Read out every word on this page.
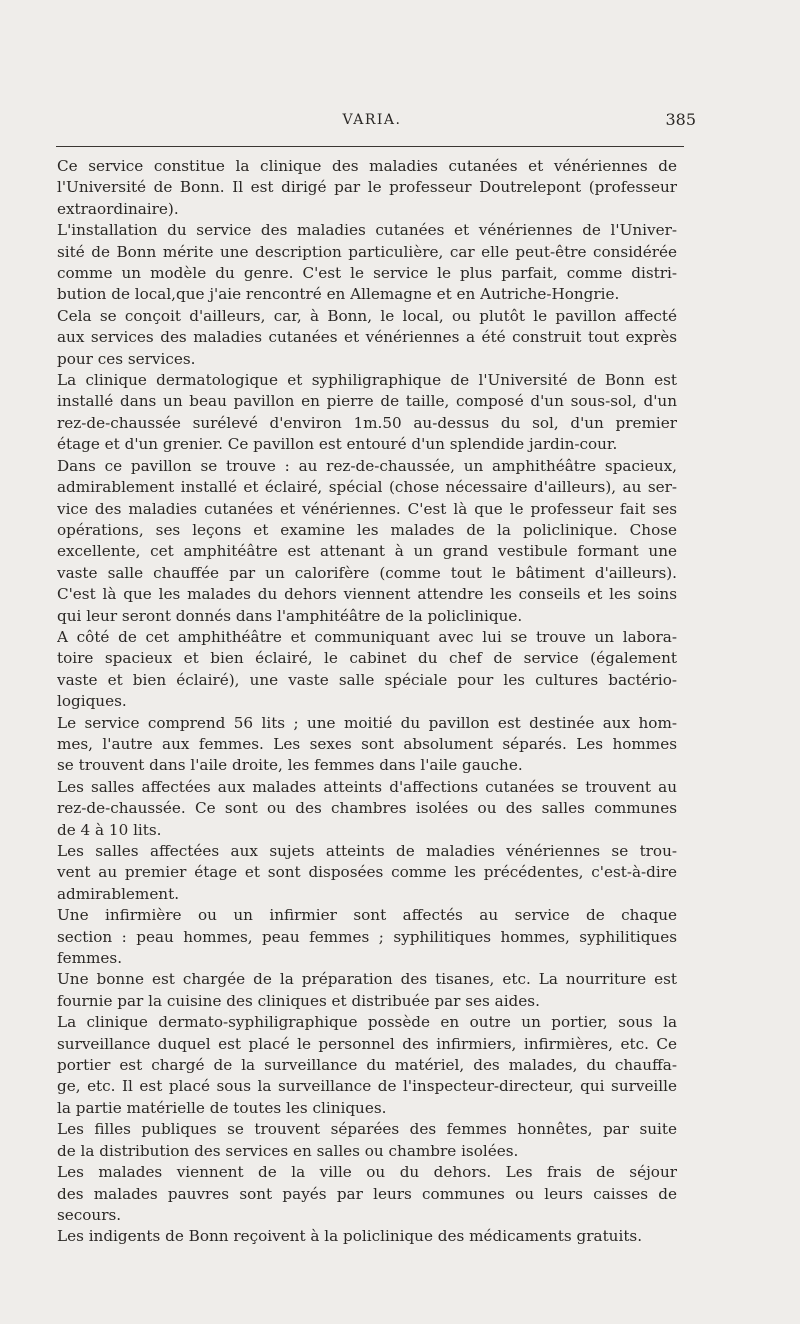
VARIA.	385

Ce service constitue la clinique des maladies cutanées et vénériennes de
l'Université de Bonn. Il est dirigé par le professeur Doutrelepont (professeur
extraordinaire).

L'installation du service des maladies cutanées et vénériennes de l'Univer-
sité de Bonn mérite une description particulière, car elle peut-être considérée
comme un modèle du genre. C'est le service le plus parfait, comme distri-
bution de local,que j'aie rencontré en Allemagne et en Autriche-Hongrie.

Cela se conçoit d'ailleurs, car, à Bonn, le local, ou plutôt le pavillon affecté
aux services des maladies cutanées et vénériennes a été construit tout exprès
pour ces services.

La clinique dermatologique et syphiligraphique de l'Université de Bonn est
installé dans un beau pavillon en pierre de taille, composé d'un sous-sol, d'un
rez-de-chaussée surélevé d'environ 1m.50 au-dessus du sol, d'un premier
étage et d'un grenier. Ce pavillon est entouré d'un splendide jardin-cour.

Dans ce pavillon se trouve : au rez-de-chaussée, un amphithéâtre spacieux,
admirablement installé et éclairé, spécial (chose nécessaire d'ailleurs), au ser-
vice des maladies cutanées et vénériennes. C'est là que le professeur fait ses
opérations, ses leçons et examine les malades de la policlinique. Chose
excellente, cet amphitéâtre est attenant à un grand vestibule formant une
vaste salle chauffée par un calorifère (comme tout le bâtiment d'ailleurs).
C'est là que les malades du dehors viennent attendre les conseils et les soins
qui leur seront donnés dans l'amphitéâtre de la policlinique.

A côté de cet amphithéâtre et communiquant avec lui se trouve un labora-
toire spacieux et bien éclairé, le cabinet du chef de service (également
vaste et bien éclairé), une vaste salle spéciale pour les cultures bactério-
logiques.

Le service comprend 56 lits ; une moitié du pavillon est destinée aux hom-
mes, l'autre aux femmes. Les sexes sont absolument séparés. Les hommes
se trouvent dans l'aile droite, les femmes dans l'aile gauche.

Les salles affectées aux malades atteints d'affections cutanées se trouvent au
rez-de-chaussée. Ce sont ou des chambres isolées ou des salles communes
de 4 à 10 lits.

Les salles affectées aux sujets atteints de maladies vénériennes se trou-
vent au premier étage et sont disposées comme les précédentes, c'est-à-dire
admirablement.

Une infirmière ou un infirmier sont affectés au service de chaque
section : peau hommes, peau femmes ; syphilitiques hommes, syphilitiques
femmes.

Une bonne est chargée de la préparation des tisanes, etc. La nourriture est
fournie par la cuisine des cliniques et distribuée par ses aides.

La clinique dermato-syphiligraphique possède en outre un portier, sous la
surveillance duquel est placé le personnel des infirmiers, infirmières, etc. Ce
portier est chargé de la surveillance du matériel, des malades, du chauffa-
ge, etc. Il est placé sous la surveillance de l'inspecteur-directeur, qui surveille
la partie matérielle de toutes les cliniques.

Les filles publiques se trouvent séparées des femmes honnêtes, par suite
de la distribution des services en salles ou chambre isolées.

Les malades viennent de la ville ou du dehors. Les frais de séjour
des malades pauvres sont payés par leurs communes ou leurs caisses de
secours.

Les indigents de Bonn reçoivent à la policlinique des médicaments gratuits.
